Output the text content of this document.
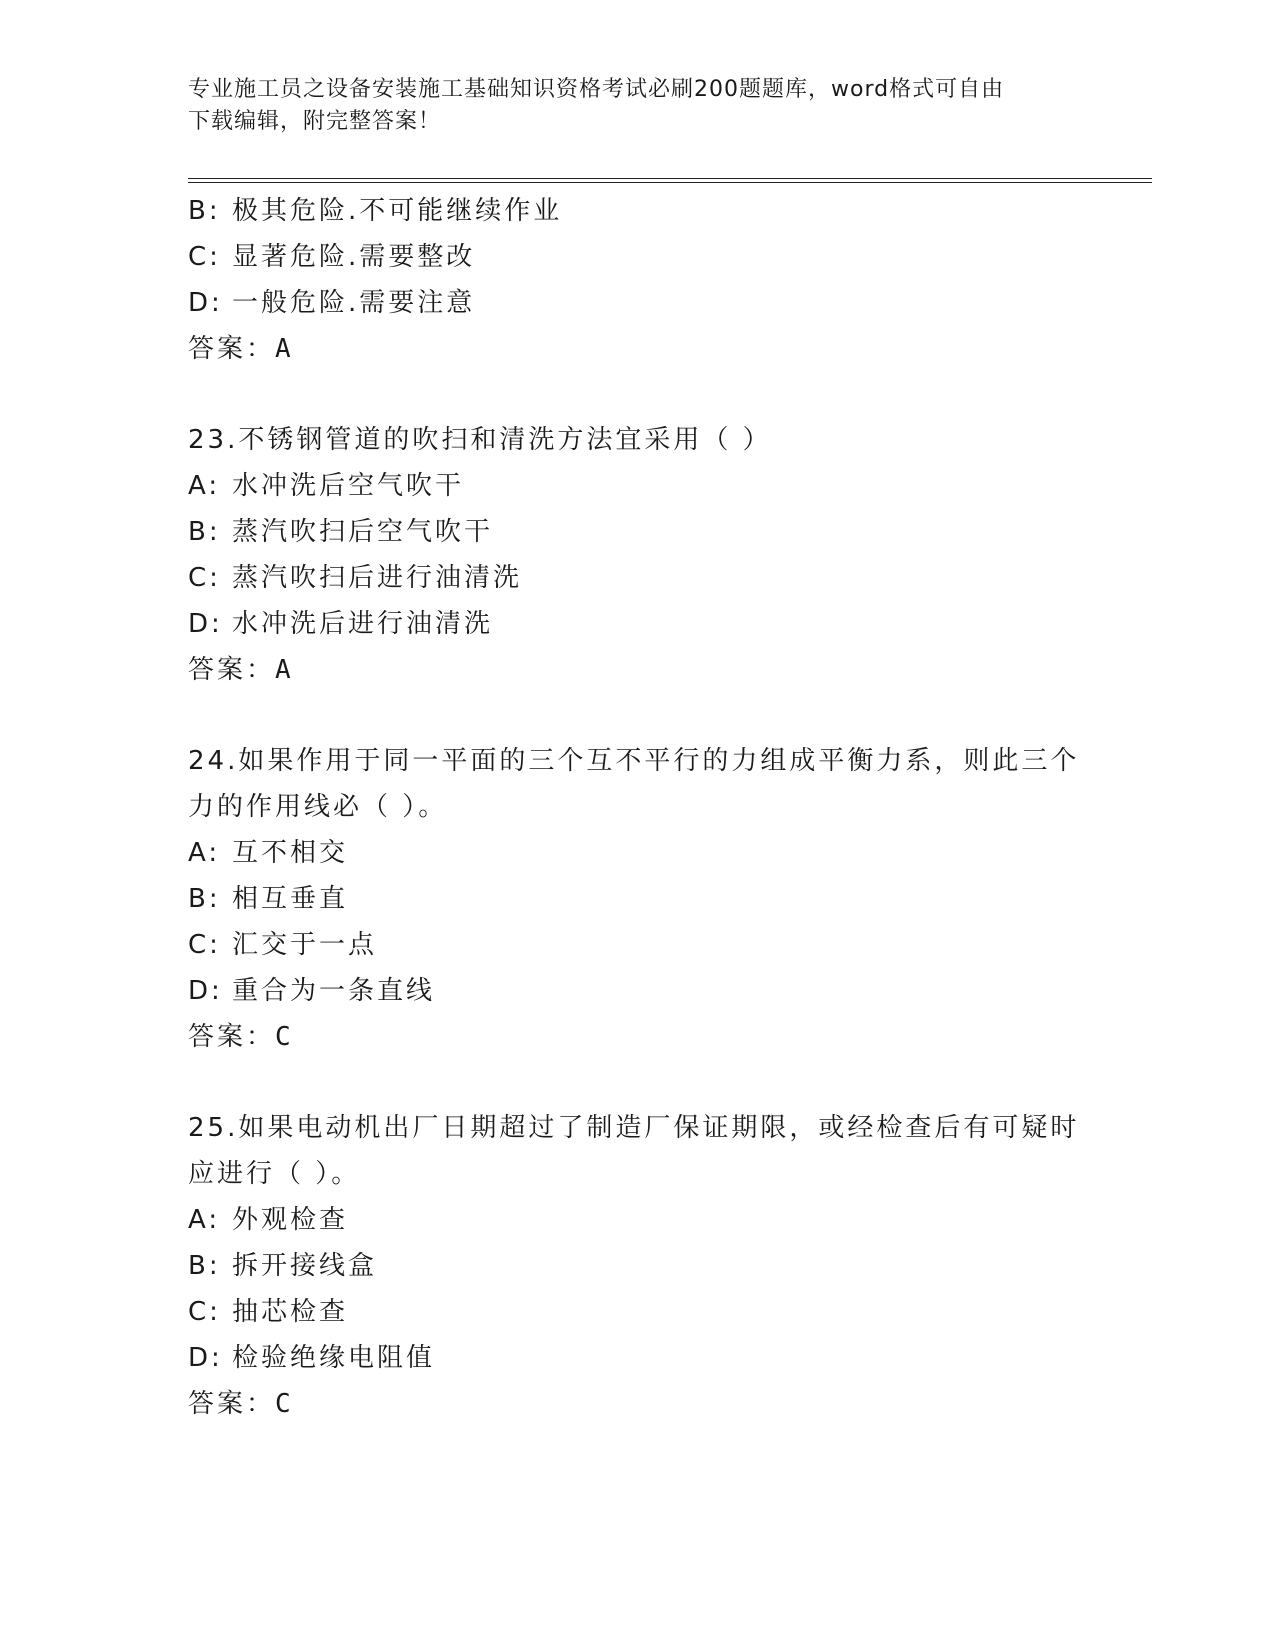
专业施工员之设备安装施工基础知识资格考试必刷200题题库，word格式可自由
下载编辑，附完整答案！
B: 极其危险.不可能继续作业
C: 显著危险.需要整改
D: 一般危险.需要注意
答案：A
23.不锈钢管道的吹扫和清洗方法宜采用（ ）
A: 水冲洗后空气吹干
B: 蒸汽吹扫后空气吹干
C: 蒸汽吹扫后进行油清洗
D: 水冲洗后进行油清洗
答案：A
24.如果作用于同一平面的三个互不平行的力组成平衡力系，则此三个
力的作用线必（ ）。
A: 互不相交
B: 相互垂直
C: 汇交于一点
D: 重合为一条直线
答案：C
25.如果电动机出厂日期超过了制造厂保证期限，或经检查后有可疑时
应进行（ ）。
A: 外观检查
B: 拆开接线盒
C: 抽芯检查
D: 检验绝缘电阻值
答案：C
